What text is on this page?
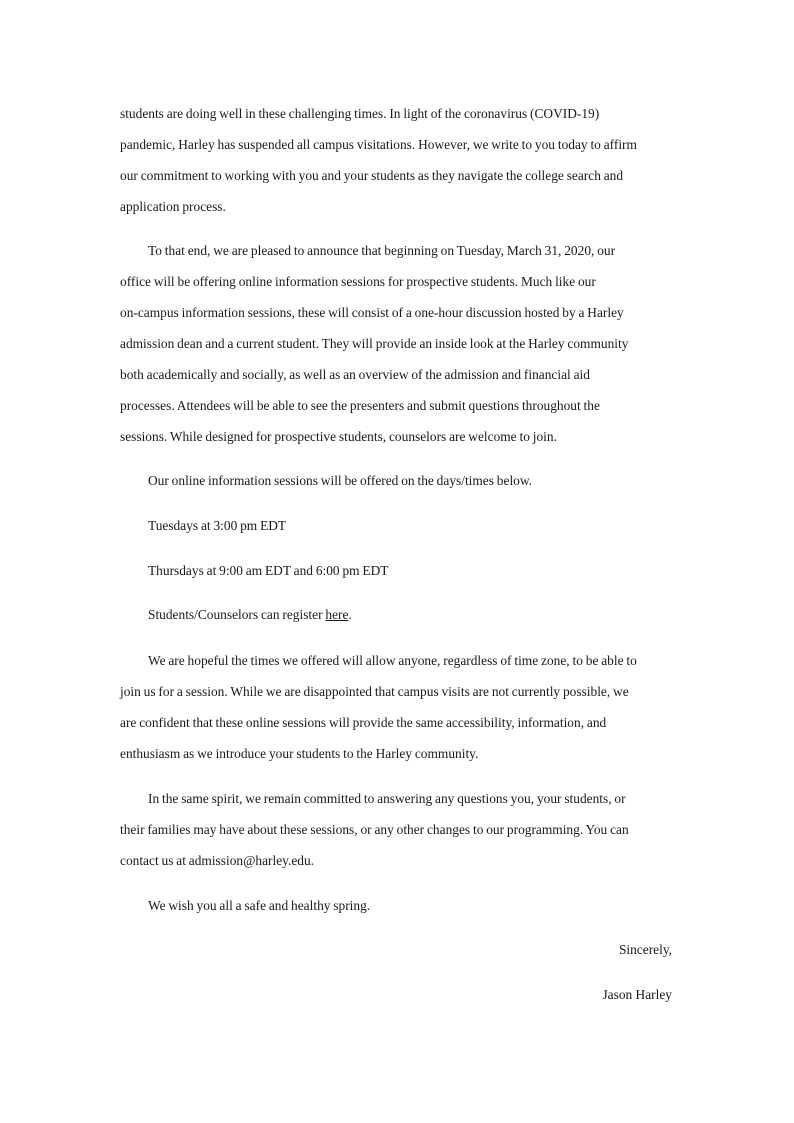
students are doing well in these challenging times. In light of the coronavirus (COVID-19)
pandemic, Harley has suspended all campus visitations. However, we write to you today to affirm
our commitment to working with you and your students as they navigate the college search and
application process.
To that end, we are pleased to announce that beginning on Tuesday, March 31, 2020, our
office will be offering online information sessions for prospective students. Much like our
on-campus information sessions, these will consist of a one-hour discussion hosted by a Harley
admission dean and a current student. They will provide an inside look at the Harley community
both academically and socially, as well as an overview of the admission and financial aid
processes. Attendees will be able to see the presenters and submit questions throughout the
sessions. While designed for prospective students, counselors are welcome to join.

Our online information sessions will be offered on the days/times below.

Tuesdays at 3:00 pm EDT

Thursdays at 9:00 am EDT and 6:00 pm EDT

Students/Counselors can register here.

We are hopeful the times we offered will allow anyone, regardless of time zone, to be able to
join us for a session. While we are disappointed that campus visits are not currently possible, we
are confident that these online sessions will provide the same accessibility, information, and
enthusiasm as we introduce your students to the Harley community.
In the same spirit, we remain committed to answering any questions you, your students, or
their families may have about these sessions, or any other changes to our programming. You can
contact us at admission@harley.edu.

We wish you all a safe and healthy spring.

Sincerely,

Jason Harley
